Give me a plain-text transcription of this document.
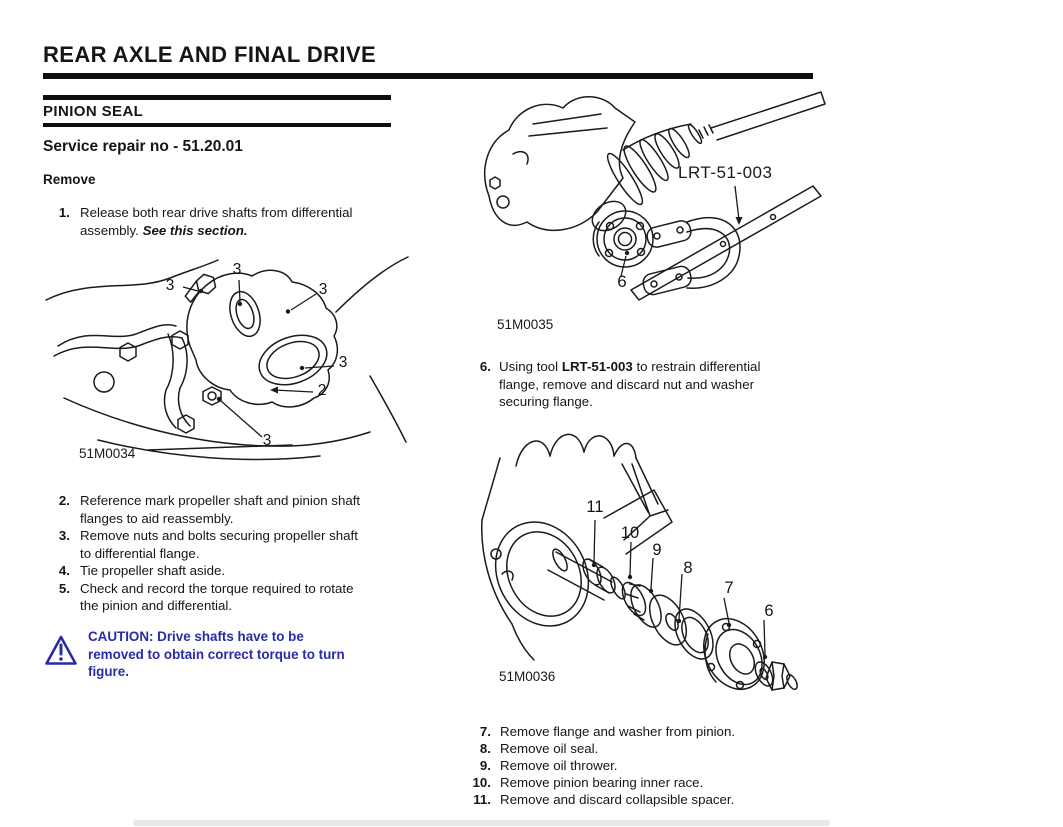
REAR AXLE AND FINAL DRIVE
PINION SEAL
Service repair no - 51.20.01
Remove
1. Release both rear drive shafts from differential assembly. See this section.
3
3
3
3
2
3
51M0034
2. Reference mark propeller shaft and pinion shaft flanges to aid reassembly.
3. Remove nuts and bolts securing propeller shaft to differential flange.
4. Tie propeller shaft aside.
5. Check and record the torque required to rotate the pinion and differential.
CAUTION: Drive shafts have to be
removed to obtain correct torque to turn
figure.
LRT-51-003
6
51M0035
6. Using tool LRT-51-003 to restrain differential flange, remove and discard nut and washer securing flange.
11
10
9
8
7
6
51M0036
7. Remove flange and washer from pinion.
8. Remove oil seal.
9. Remove oil thrower.
10. Remove pinion bearing inner race.
11. Remove and discard collapsible spacer.
